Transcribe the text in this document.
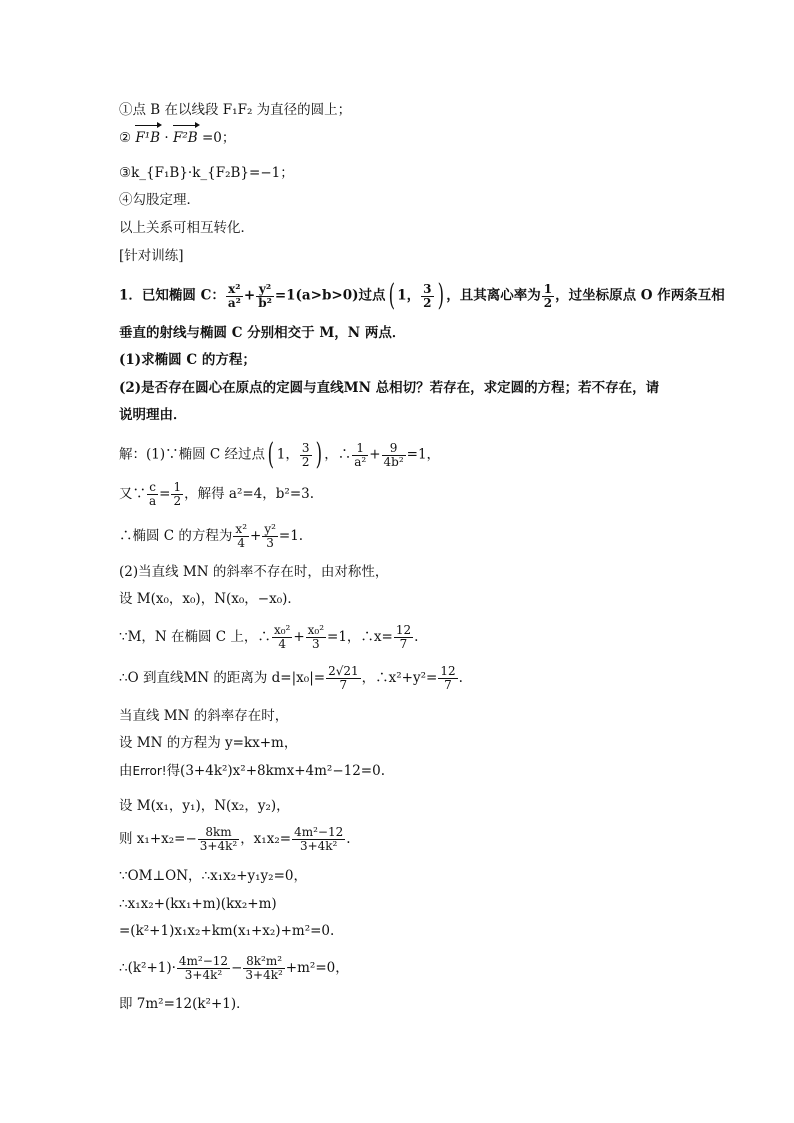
①点 B 在以线段 F₁F₂ 为直径的圆上；
② F¹B · F²B =0；
③k_{F₁B}·k_{F₂B}=−1；
④勾股定理．
以上关系可相互转化．
[针对训练]
1．已知椭圆 C： $\frac{\text{x²}}{\text{a²}} + \frac{\text{y²}}{\text{b²}} =1(a>b>0)$过点( 1， $\frac{3}{2}$ ) ，且其离心率为 $\frac{1}{2}$ ，过坐标原点 O 作两条互相
垂直的射线与椭圆 C 分别相交于 M，N 两点．
(1)求椭圆 C 的方程；
(2)是否存在圆心在原点的定圆与直线MN 总相切？若存在，求定圆的方程；若不存在，请
说明理由．
解：(1)∵椭圆 C 经过点( 1， $\frac{3}{2}$ ) ，∴ $\frac{1}{\text{a²}} + \frac{9}{\text{4b²}} =1$，
又∵ $\frac{c}{a} = \frac{1}{2}$ ，解得 a²=4，b²=3.
∴椭圆 C 的方程为 $\frac{\text{x²}}{4} + \frac{\text{y²}}{3} =1$.
(2)当直线 MN 的斜率不存在时，由对称性，
设 M(x₀，x₀)，N(x₀，−x₀)．
∵M，N 在椭圆 C 上，∴ $\frac{\text{x₀²}}{4} + \frac{\text{x₀²}}{3} =1$，∴x= $\frac{12}{7}$ .
∴O 到直线MN 的距离为 $d=|x_0|= \frac{2√21}{7}$ ，∴x²+y²= $\frac{12}{7}$ .
当直线 MN 的斜率存在时，
设 MN 的方程为 y=kx+m，
由Error!得(3+4k²)x²+8kmx+4m²−12=0.
设 M(x₁，y₁)，N(x₂，y₂)，
则 $x_1+x_2=- \frac{8km}{\text{3+4k²}}$ ，$x_1x_2= \frac{\text{4m²−12}}{\text{3+4k²}}$ .
∵OM⊥ON，∴x₁x₂+y₁y₂=0，
∴x₁x₂+(kx₁+m)(kx₂+m)
=(k²+1)x₁x₂+km(x₁+x₂)+m²=0.
∴(k²+1)· $\frac{\text{4m²−12}}{\text{3+4k²}} - \frac{\text{8k²m²}}{\text{3+4k²}} +m^2=0$，
即 7m²=12(k²+1)．
